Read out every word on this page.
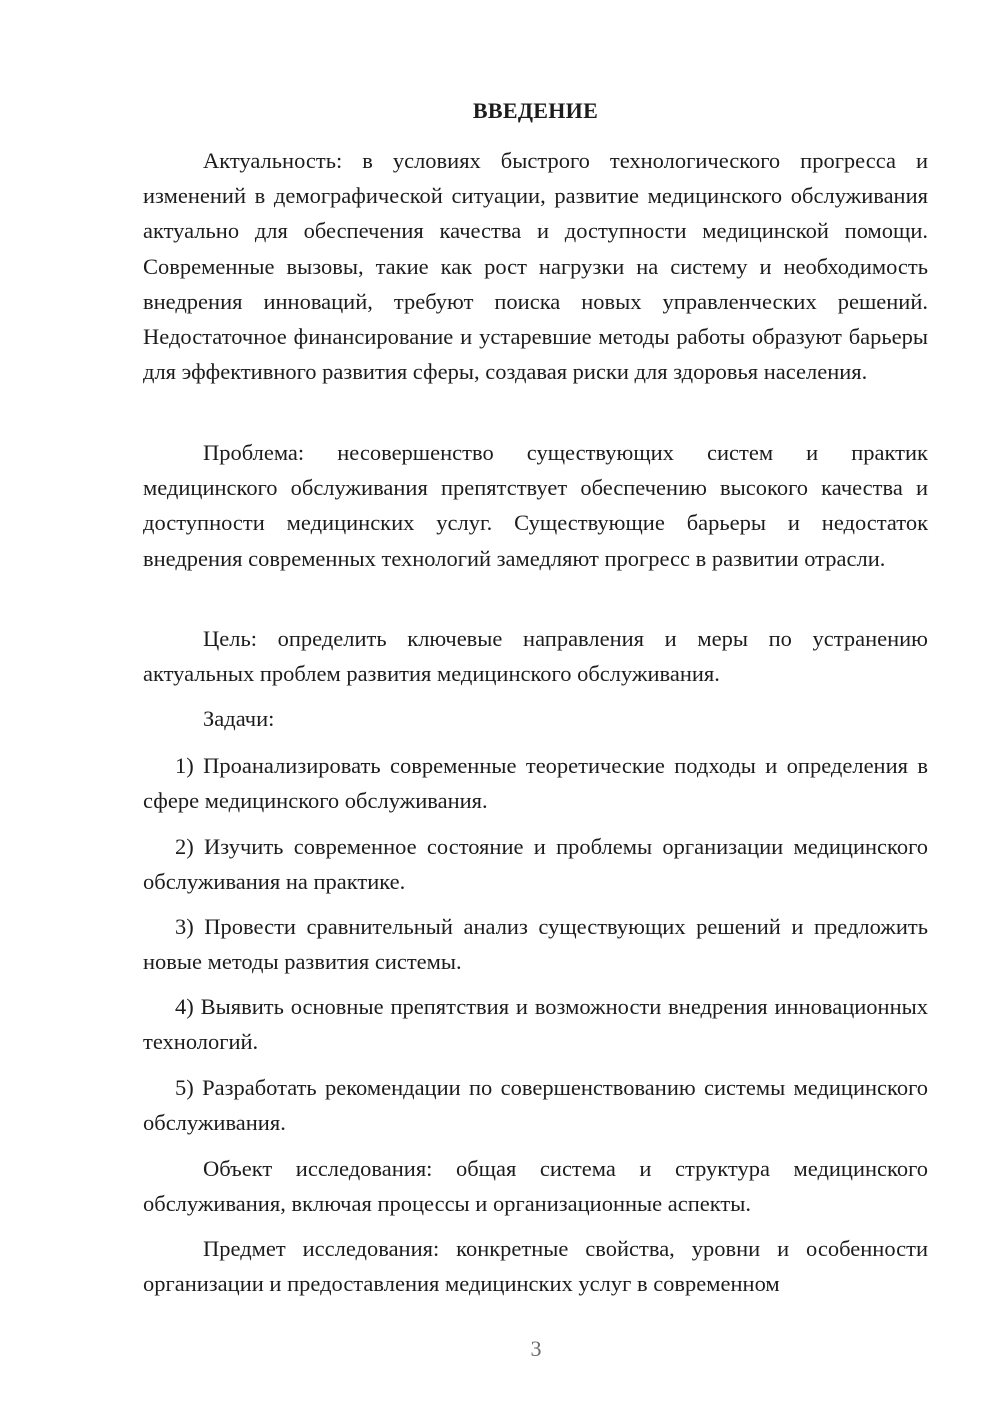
ВВЕДЕНИЕ

Актуальность: в условиях быстрого технологического прогресса и изменений в демографической ситуации, развитие медицинского обслуживания актуально для обеспечения качества и доступности медицинской помощи. Современные вызовы, такие как рост нагрузки на систему и необходимость внедрения инноваций, требуют поиска новых управленческих решений. Недостаточное финансирование и устаревшие методы работы образуют барьеры для эффективного развития сферы, создавая риски для здоровья населения.

Проблема: несовершенство существующих систем и практик медицинского обслуживания препятствует обеспечению высокого качества и доступности медицинских услуг. Существующие барьеры и недостаток внедрения современных технологий замедляют прогресс в развитии отрасли.

Цель: определить ключевые направления и меры по устранению актуальных проблем развития медицинского обслуживания.

Задачи:

1) Проанализировать современные теоретические подходы и определения в сфере медицинского обслуживания.

2) Изучить современное состояние и проблемы организации медицинского обслуживания на практике.

3) Провести сравнительный анализ существующих решений и предложить новые методы развития системы.

4) Выявить основные препятствия и возможности внедрения инновационных технологий.

5) Разработать рекомендации по совершенствованию системы медицинского обслуживания.

Объект исследования: общая система и структура медицинского обслуживания, включая процессы и организационные аспекты.

Предмет исследования: конкретные свойства, уровни и особенности организации и предоставления медицинских услуг в современном

3
